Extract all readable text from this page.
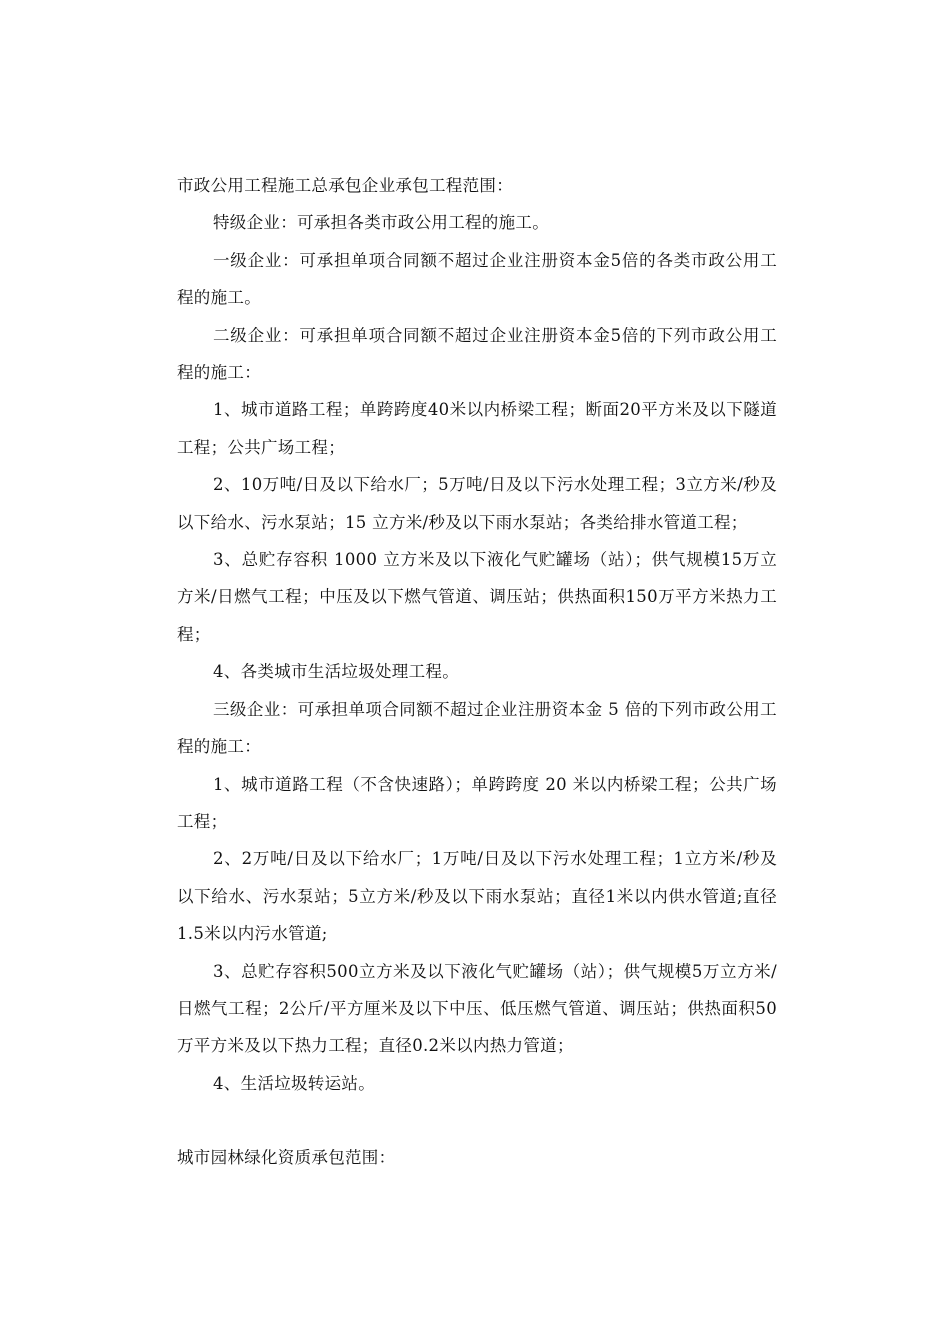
市政公用工程施工总承包企业承包工程范围：

特级企业：可承担各类市政公用工程的施工。

一级企业：可承担单项合同额不超过企业注册资本金5倍的各类市政公用工程的施工。

二级企业：可承担单项合同额不超过企业注册资本金5倍的下列市政公用工程的施工：

1、城市道路工程；单跨跨度40米以内桥梁工程；断面20平方米及以下隧道工程；公共广场工程；

2、10万吨/日及以下给水厂；5万吨/日及以下污水处理工程；3立方米/秒及以下给水、污水泵站；15 立方米/秒及以下雨水泵站；各类给排水管道工程；

3、总贮存容积 1000 立方米及以下液化气贮罐场（站）；供气规模15万立方米/日燃气工程；中压及以下燃气管道、调压站；供热面积150万平方米热力工程；

4、各类城市生活垃圾处理工程。

三级企业：可承担单项合同额不超过企业注册资本金 5 倍的下列市政公用工程的施工：

1、城市道路工程（不含快速路）；单跨跨度 20 米以内桥梁工程；公共广场工程；

2、2万吨/日及以下给水厂；1万吨/日及以下污水处理工程；1立方米/秒及以下给水、污水泵站；5立方米/秒及以下雨水泵站；直径1米以内供水管道;直径1.5米以内污水管道;

3、总贮存容积500立方米及以下液化气贮罐场（站）；供气规模5万立方米/日燃气工程；2公斤/平方厘米及以下中压、低压燃气管道、调压站；供热面积50万平方米及以下热力工程；直径0.2米以内热力管道；

4、生活垃圾转运站。

城市园林绿化资质承包范围：
